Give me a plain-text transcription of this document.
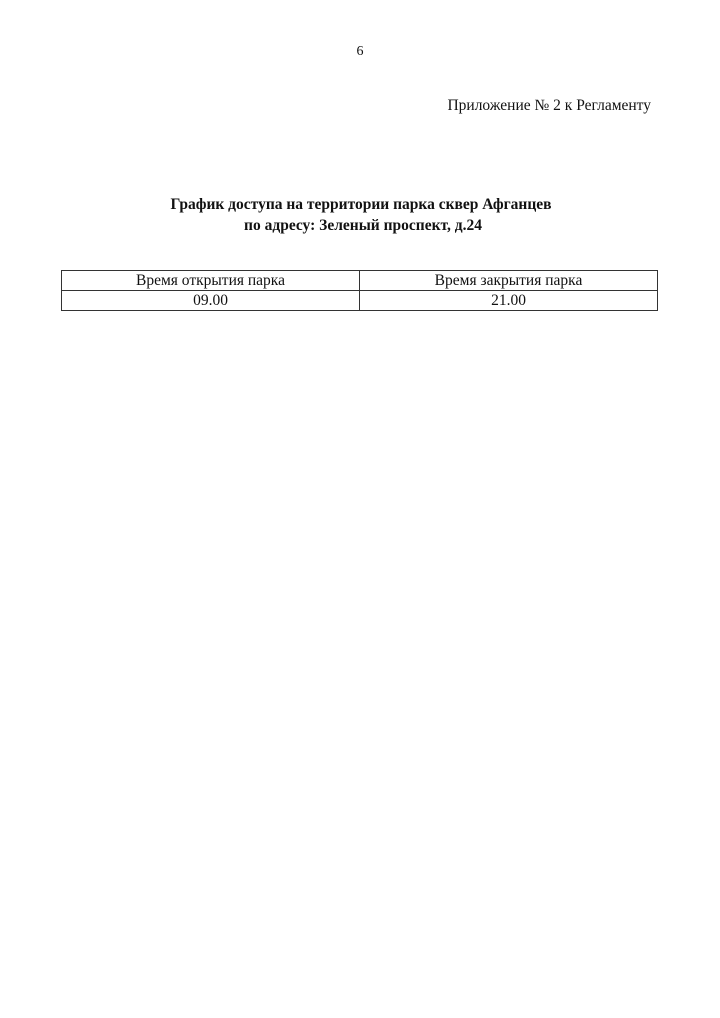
6
Приложение № 2 к Регламенту
График доступа на территории парка сквер Афганцев
по адресу: Зеленый проспект, д.24
Время открытия парка	Время закрытия парка
09.00	21.00
